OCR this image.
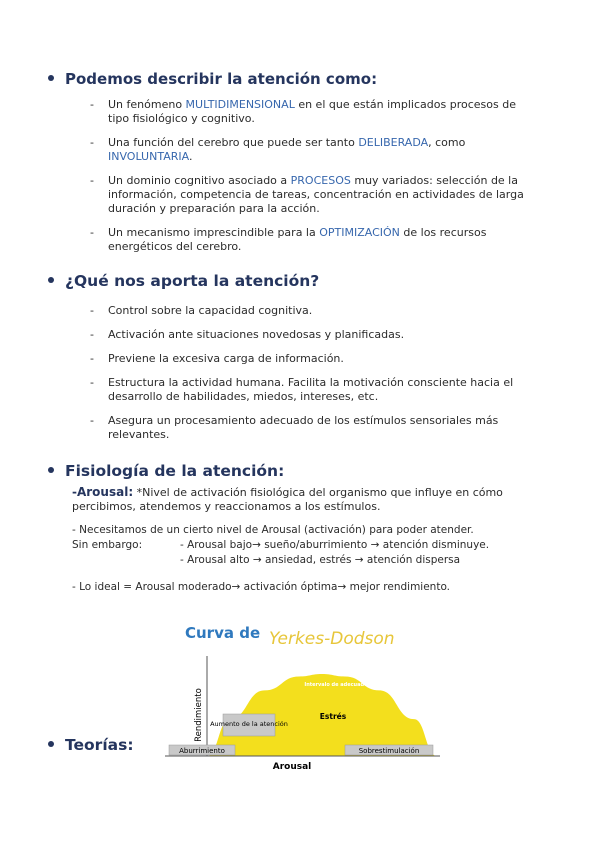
Podemos describir la atención como:
- Un fenómeno MULTIDIMENSIONAL en el que están implicados procesos de tipo fisiológico y cognitivo.
- Una función del cerebro que puede ser tanto DELIBERADA, como INVOLUNTARIA.
- Un dominio cognitivo asociado a PROCESOS muy variados: selección de la información, competencia de tareas, concentración en actividades de larga duración y preparación para la acción.
- Un mecanismo imprescindible para la OPTIMIZACIÓN de los recursos energéticos del cerebro.
¿Qué nos aporta la atención?
- Control sobre la capacidad cognitiva.
- Activación ante situaciones novedosas y planificadas.
- Previene la excesiva carga de información.
- Estructura la actividad humana. Facilita la motivación consciente hacia el desarrollo de habilidades, miedos, intereses, etc.
- Asegura un procesamiento adecuado de los estímulos sensoriales más relevantes.
Fisiología de la atención:
-Arousal: *Nivel de activación fisiológica del organismo que influye en cómo percibimos, atendemos y reaccionamos a los estímulos.
- Necesitamos de un cierto nivel de Arousal (activación) para poder atender.
Sin embargo:	- Arousal bajo→ sueño/aburrimiento → atención disminuye.
- Arousal alto → ansiedad, estrés → atención dispersa
- Lo ideal = Arousal moderado→ activación óptima→ mejor rendimiento.
Curva de Yerkes-Dodson
Rendimiento
Arousal
Punto óptimo de resultado
Intervalo de adecuado rendimiento
Aumento de la atención
Estrés
Aburrimiento	Sobrestimulación
Teorías:
